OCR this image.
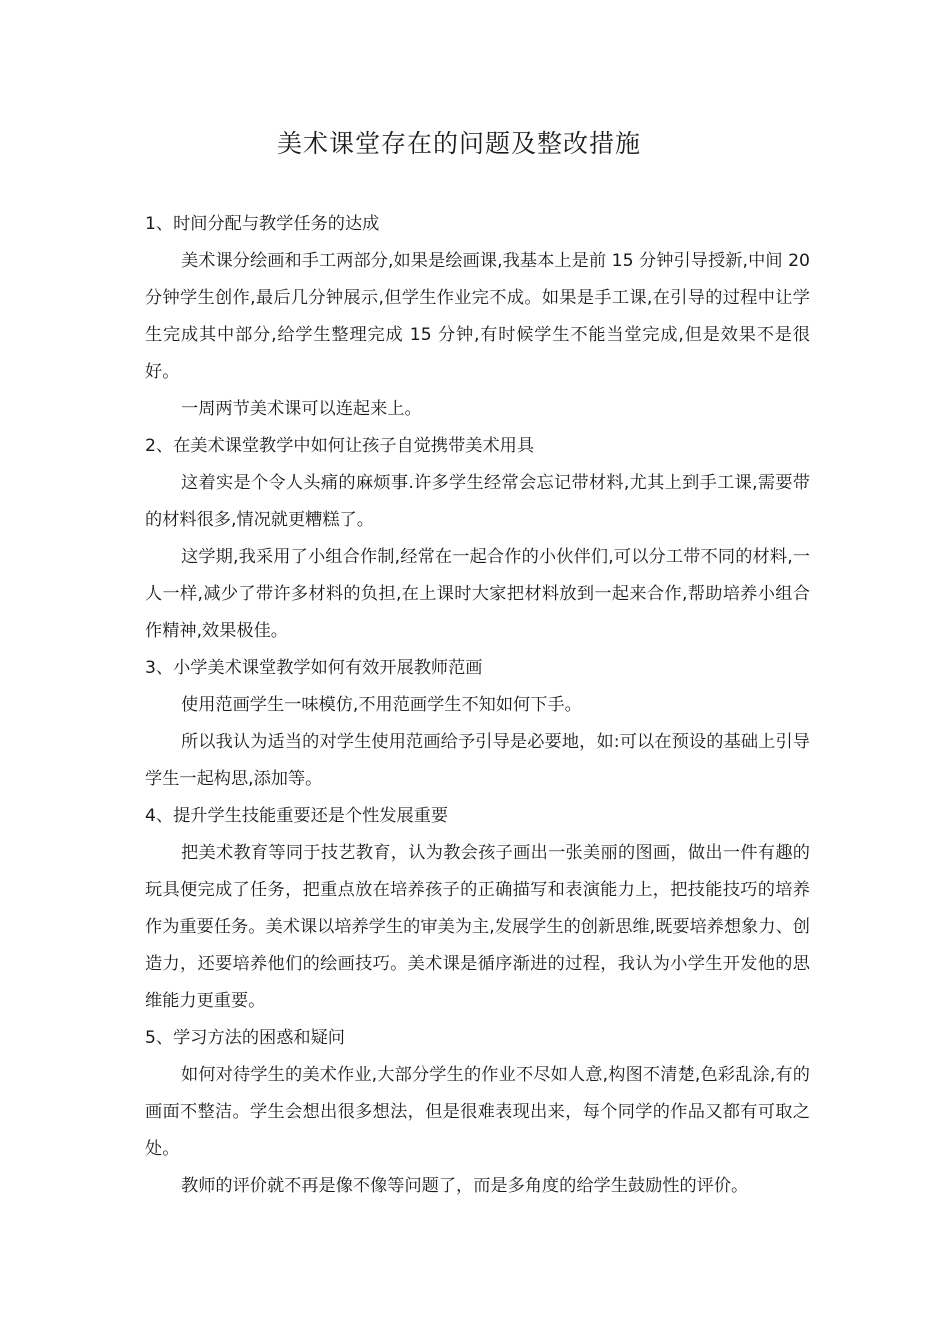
美术课堂存在的问题及整改措施

1、时间分配与教学任务的达成

美术课分绘画和手工两部分,如果是绘画课,我基本上是前 15 分钟引导授新,中间 20 分钟学生创作,最后几分钟展示,但学生作业完不成。如果是手工课,在引导的过程中让学生完成其中部分,给学生整理完成 15 分钟,有时候学生不能当堂完成,但是效果不是很好。

一周两节美术课可以连起来上。

2、在美术课堂教学中如何让孩子自觉携带美术用具

这着实是个令人头痛的麻烦事.许多学生经常会忘记带材料,尤其上到手工课,需要带的材料很多,情况就更糟糕了。

这学期,我采用了小组合作制,经常在一起合作的小伙伴们,可以分工带不同的材料,一人一样,减少了带许多材料的负担,在上课时大家把材料放到一起来合作,帮助培养小组合作精神,效果极佳。

3、小学美术课堂教学如何有效开展教师范画

使用范画学生一味模仿,不用范画学生不知如何下手。

所以我认为适当的对学生使用范画给予引导是必要地，如:可以在预设的基础上引导学生一起构思,添加等。

4、提升学生技能重要还是个性发展重要

把美术教育等同于技艺教育，认为教会孩子画出一张美丽的图画，做出一件有趣的玩具便完成了任务，把重点放在培养孩子的正确描写和表演能力上，把技能技巧的培养作为重要任务。美术课以培养学生的审美为主,发展学生的创新思维,既要培养想象力、创造力，还要培养他们的绘画技巧。美术课是循序渐进的过程，我认为小学生开发他的思维能力更重要。

5、学习方法的困惑和疑问

如何对待学生的美术作业,大部分学生的作业不尽如人意,构图不清楚,色彩乱涂,有的画面不整洁。学生会想出很多想法，但是很难表现出来，每个同学的作品又都有可取之处。

教师的评价就不再是像不像等问题了，而是多角度的给学生鼓励性的评价。
